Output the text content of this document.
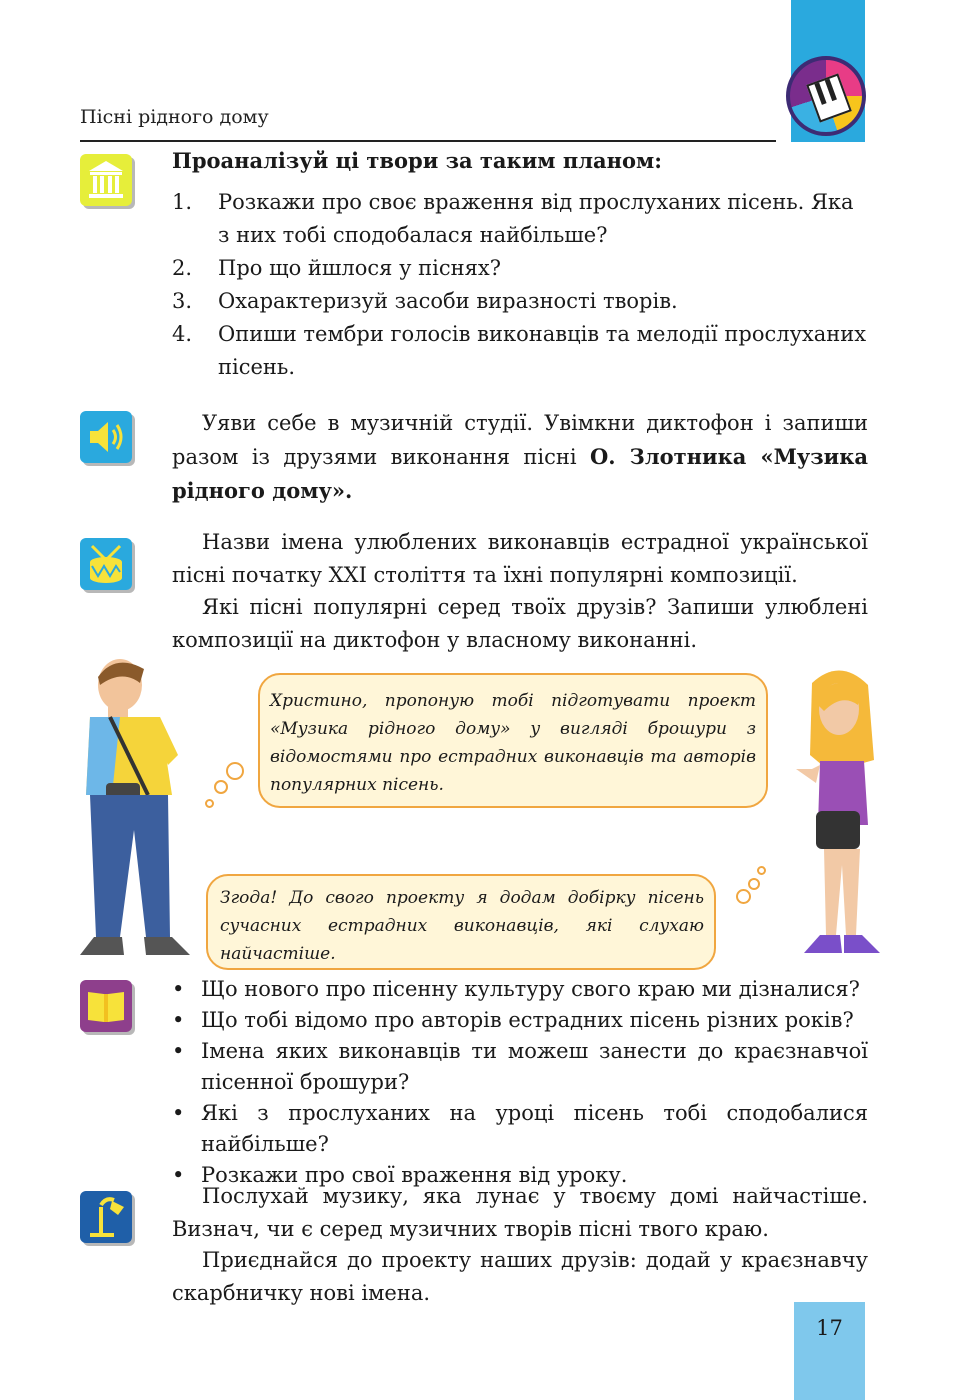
Пісні рідного дому
Проаналізуй ці твори за таким планом:
1. Розкажи про своє враження від прослуханих пісень. Яка з них тобі сподобалася найбільше?
2. Про що йшлося у піснях?
3. Охарактеризуй засоби виразності творів.
4. Опиши тембри голосів виконавців та мелодії прослуханих пісень.
Уяви себе в музичній студії. Увімкни диктофон і запиши разом із друзями виконання пісні О. Злотника «Музика рідного дому».
Назви імена улюблених виконавців естрадної української пісні початку XXI століття та їхні популярні композиції.
Які пісні популярні серед твоїх друзів? Запиши улюблені композиції на диктофон у власному виконанні.
Христино, пропоную тобі підготувати проект «Музика рідного дому» у вигляді брошури з відомостями про естрадних виконавців та авторів популярних пісень.
Згода! До свого проекту я додам добірку пісень сучасних естрадних виконавців, які слухаю найчастіше.
• Що нового про пісенну культуру свого краю ми дізналися?
• Що тобі відомо про авторів естрадних пісень різних років?
• Імена яких виконавців ти можеш занести до краєзнавчої пісенної брошури?
• Які з прослуханих на уроці пісень тобі сподобалися найбільше?
• Розкажи про свої враження від уроку.
Послухай музику, яка лунає у твоєму домі найчастіше. Визнач, чи є серед музичних творів пісні твого краю.
Приєднайся до проекту наших друзів: додай у краєзнавчу скарбничку нові імена.
17
